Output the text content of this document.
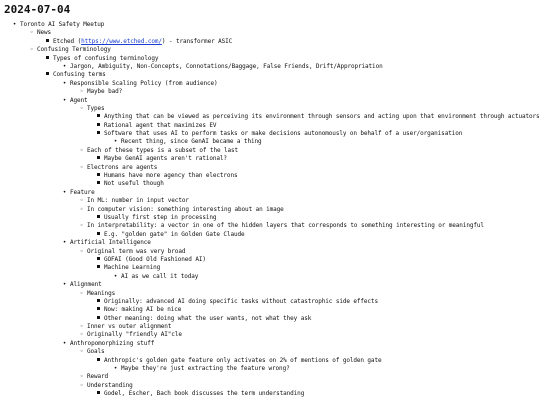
2024-07-04
• Toronto AI Safety Meetup
◦ News
Etched (https://www.etched.com/) - transformer ASIC
◦ Confusing Terminology
Types of confusing terminology
• Jargon, Ambiguity, Non-Concepts, Connotations/Baggage, False Friends, Drift/Appropriation
Confusing terms
• Responsible Scaling Policy (from audience)
◦ Maybe bad?
• Agent
◦ Types
Anything that can be viewed as perceiving its environment through sensors and acting upon that environment through actuators
Rational agent that maximizes EV
Software that uses AI to perform tasks or make decisions autonomously on behalf of a user/organisation
• Recent thing, since GenAI became a thing
◦ Each of these types is a subset of the last
Maybe GenAI agents aren't rational?
◦ Electrons are agents
Humans have more agency than electrons
Not useful though
• Feature
◦ In ML: number in input vector
◦ In computer vision: something interesting about an image
Usually first step in processing
◦ In interpretability: a vector in one of the hidden layers that corresponds to something interesting or meaningful
E.g. "golden gate" in Golden Gate Claude
• Artificial Intelligence
◦ Original term was very broad
GOFAI (Good Old Fashioned AI)
Machine Learning
• AI as we call it today
• Alignment
◦ Meanings
Originally: advanced AI doing specific tasks without catastrophic side effects
Now: making AI be nice
Other meaning: doing what the user wants, not what they ask
◦ Inner vs outer alignment
◦ Originally "friendly AI"cle
• Anthropomorphizing stuff
◦ Goals
Anthropic's golden gate feature only activates on 2% of mentions of golden gate
• Maybe they're just extracting the feature wrong?
◦ Reward
◦ Understanding
Godel, Escher, Bach book discusses the term understanding
